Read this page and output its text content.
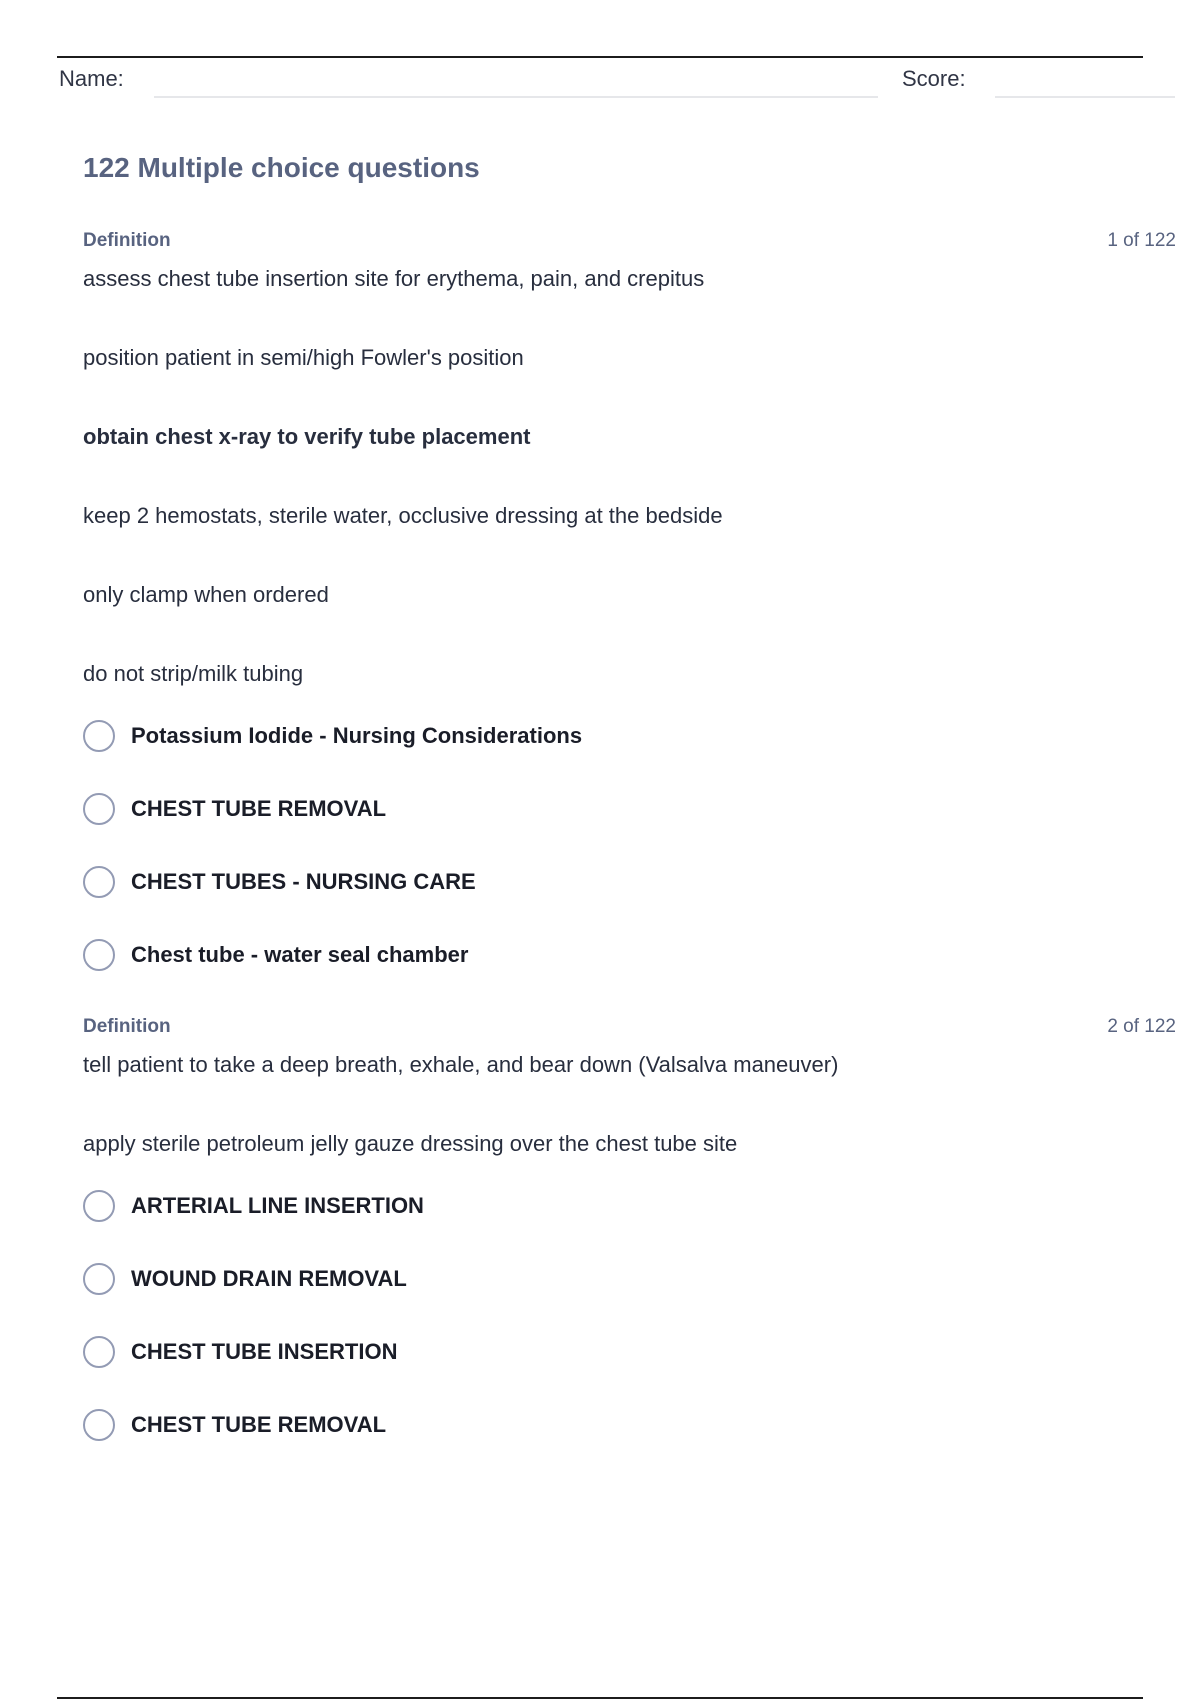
Name:	Score:
122 Multiple choice questions
Definition	1 of 122
assess chest tube insertion site for erythema, pain, and crepitus
position patient in semi/high Fowler's position
obtain chest x-ray to verify tube placement
keep 2 hemostats, sterile water, occlusive dressing at the bedside
only clamp when ordered
do not strip/milk tubing
Potassium Iodide - Nursing Considerations
CHEST TUBE REMOVAL
CHEST TUBES - NURSING CARE
Chest tube - water seal chamber
Definition	2 of 122
tell patient to take a deep breath, exhale, and bear down (Valsalva maneuver)
apply sterile petroleum jelly gauze dressing over the chest tube site
ARTERIAL LINE INSERTION
WOUND DRAIN REMOVAL
CHEST TUBE INSERTION
CHEST TUBE REMOVAL
